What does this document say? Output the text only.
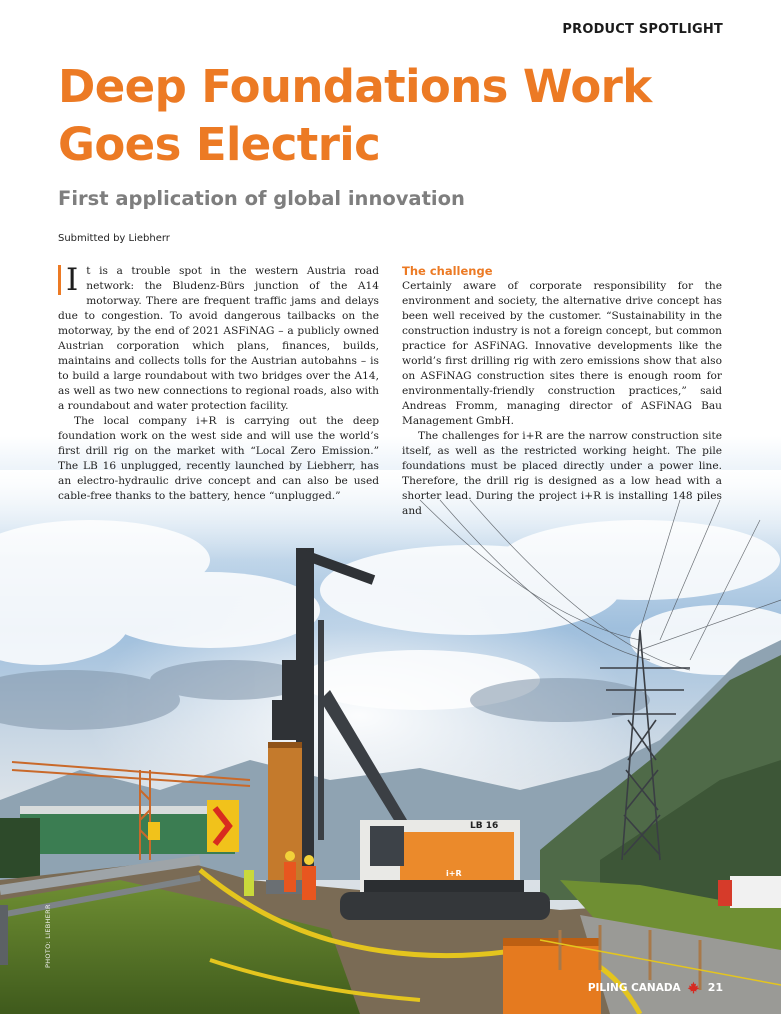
LB 16
i+R
PRODUCT SPOTLIGHT
Deep Foundations Work Goes Electric
First application of global innovation
Submitted by Liebherr

I t is a trouble spot in the western Austria road network: the Bludenz-Bürs junction of the A14 motorway. There are frequent traffic jams and delays due to congestion. To avoid dangerous tailbacks on the motorway, by the end of 2021 ASFiNAG – a publicly owned Austrian corporation which plans, finances, builds, maintains and collects tolls for the Austrian autobahns – is to build a large roundabout with two bridges over the A14, as well as two new connections to regional roads, also with a roundabout and water protection facility.

The local company i+R is carrying out the deep foundation work on the west side and will use the world’s first drill rig on the market with “Local Zero Emission.” The LB 16 unplugged, recently launched by Liebherr, has an electro-hydraulic drive concept and can also be used cable-free thanks to the battery, hence “unplugged.”

The challenge

Certainly aware of corporate responsibility for the environment and society, the alternative drive concept has been well received by the customer. “Sustainability in the construction industry is not a foreign concept, but common practice for ASFiNAG. Innovative developments like the world’s first drilling rig with zero emissions show that also on ASFiNAG construction sites there is enough room for environmentally-friendly construction practices,” said Andreas Fromm, managing director of ASFiNAG Bau Management GmbH.

The challenges for i+R are the narrow construction site itself, as well as the restricted working height. The pile foundations must be placed directly under a power line. Therefore, the drill rig is designed as a low head with a shorter lead. During the project i+R is installing 148 piles and

PHOTO: LIEBHERR
PILING CANADA 21
